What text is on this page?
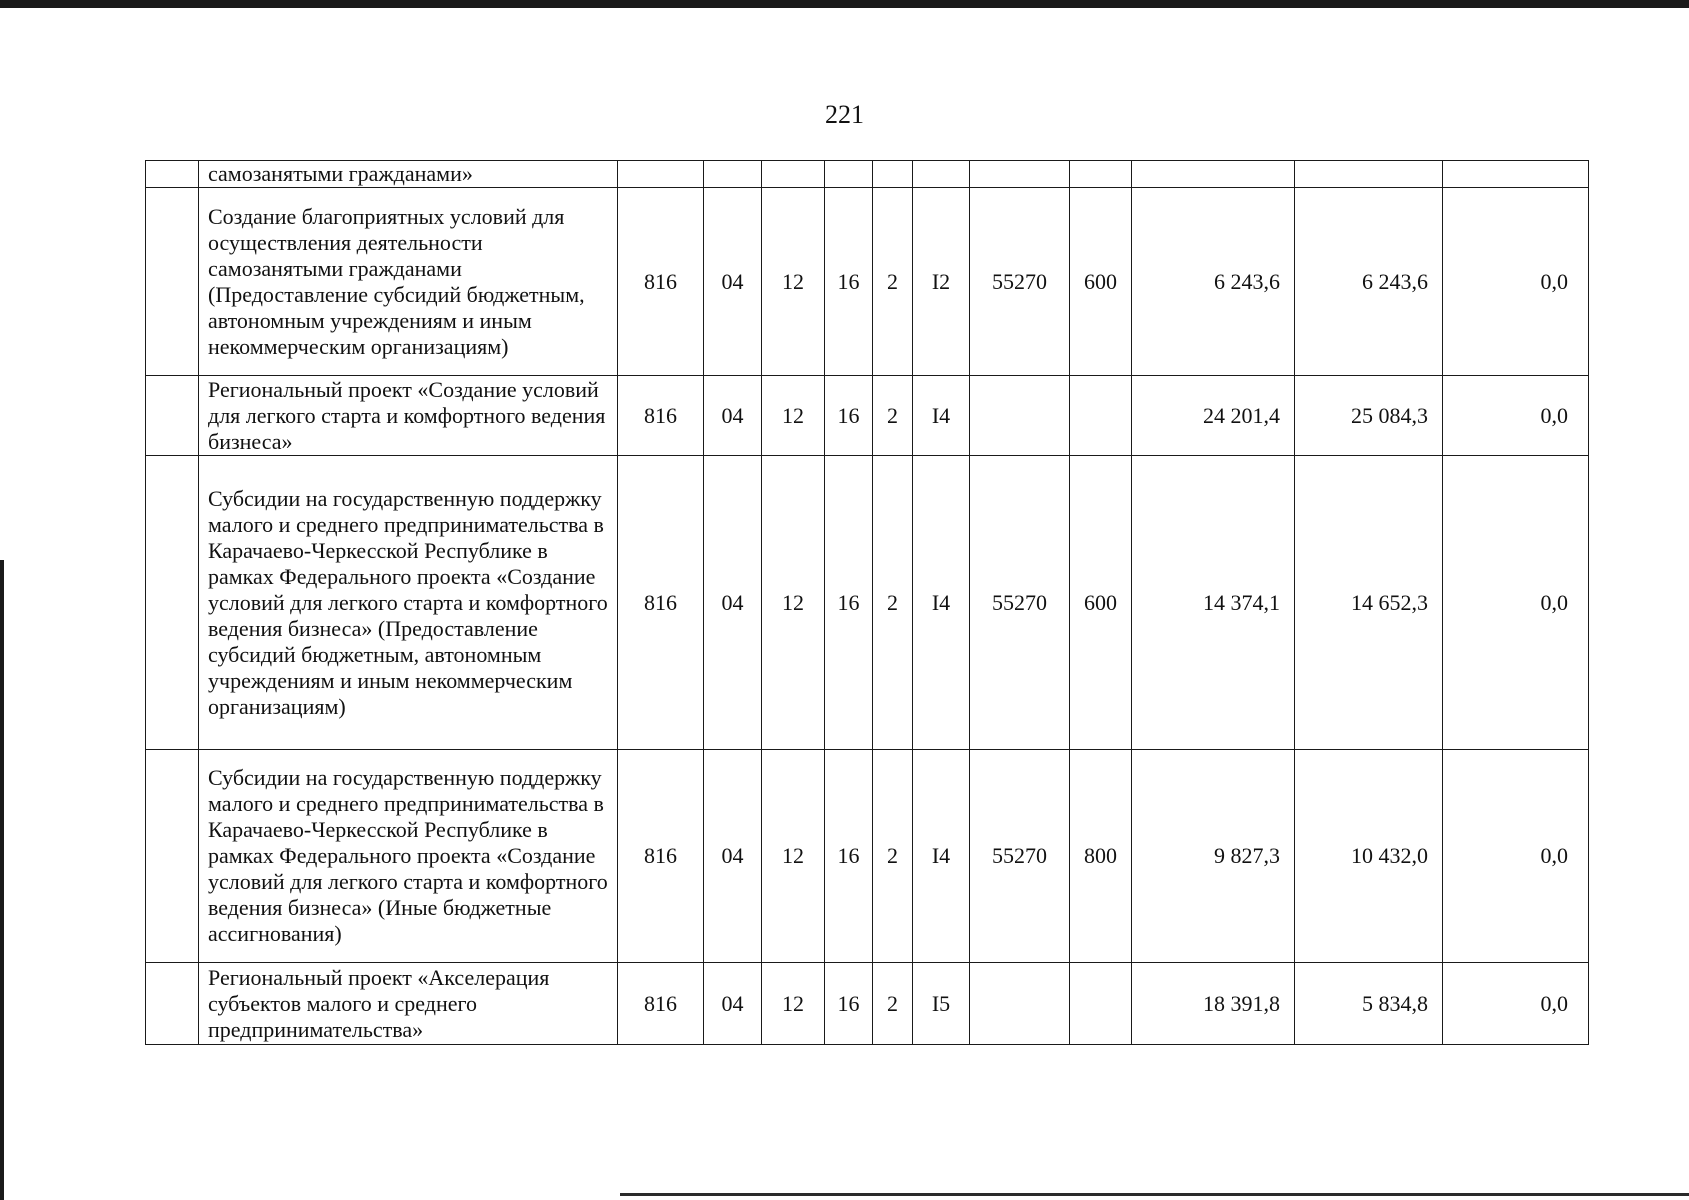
221
	самозанятыми гражданами»											
	Создание благоприятных условий для осуществления деятельности самозанятыми гражданами (Предоставление субсидий бюджетным, автономным учреждениям и иным некоммерческим организациям)	816	04	12	16	2	I2	55270	600	6 243,6	6 243,6	0,0
	Региональный проект «Создание условий для легкого старта и комфортного ведения бизнеса»	816	04	12	16	2	I4			24 201,4	25 084,3	0,0
	Субсидии на государственную поддержку малого и среднего предпринимательства в Карачаево-Черкесской Республике в рамках Федерального проекта «Создание условий для легкого старта и комфортного ведения бизнеса» (Предоставление субсидий бюджетным, автономным учреждениям и иным некоммерческим организациям)	816	04	12	16	2	I4	55270	600	14 374,1	14 652,3	0,0
	Субсидии на государственную поддержку малого и среднего предпринимательства в Карачаево-Черкесской Республике в рамках Федерального проекта «Создание условий для легкого старта и комфортного ведения бизнеса» (Иные бюджетные ассигнования)	816	04	12	16	2	I4	55270	800	9 827,3	10 432,0	0,0
	Региональный проект «Акселерация субъектов малого и среднего предпринимательства»	816	04	12	16	2	I5			18 391,8	5 834,8	0,0
